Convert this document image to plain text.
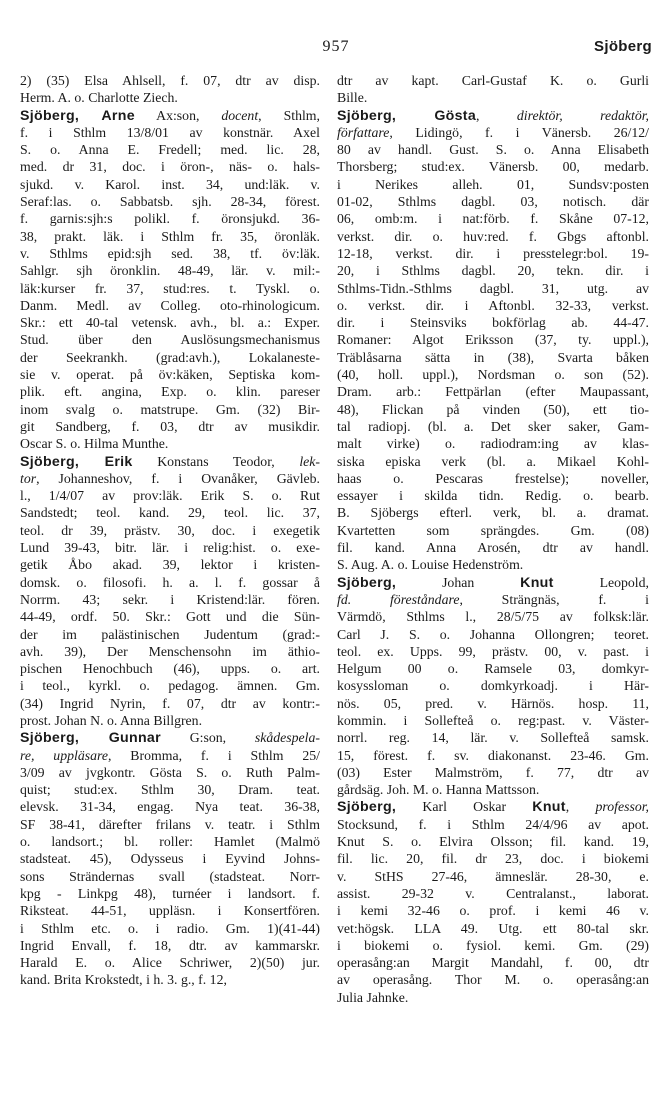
957	Sjöberg
2) (35) Elsa Ahlsell, f. 07, dtr av disp.
Herm. A. o. Charlotte Ziech.
Sjöberg, Arne Ax:son, docent, Sthlm,
f. i Sthlm 13/8/01 av konstnär. Axel
S. o. Anna E. Fredell; med. lic. 28,
med. dr 31, doc. i öron-, näs- o. hals-
sjukd. v. Karol. inst. 34, und:läk. v.
Seraf:las. o. Sabbatsb. sjh. 28-34, förest.
f. garnis:sjh:s polikl. f. öronsjukd. 36-
38, prakt. läk. i Sthlm fr. 35, öronläk.
v. Sthlms epid:sjh sed. 38, tf. öv:läk.
Sahlgr. sjh öronklin. 48-49, lär. v. mil:-
läk:kurser fr. 37, stud:res. t. Tyskl. o.
Danm. Medl. av Colleg. oto-rhinologicum.
Skr.: ett 40-tal vetensk. avh., bl. a.: Exper.
Stud. über den Auslösungsmechanismus
der Seekrankh. (grad:avh.), Lokalaneste-
sie v. operat. på öv:käken, Septiska kom-
plik. eft. angina, Exp. o. klin. pareser
inom svalg o. matstrupe. Gm. (32) Bir-
git Sandberg, f. 03, dtr av musikdir.
Oscar S. o. Hilma Munthe.
Sjöberg, Erik Konstans Teodor, lek-
tor, Johanneshov, f. i Ovanåker, Gävleb.
l., 1/4/07 av prov:läk. Erik S. o. Rut
Sandstedt; teol. kand. 29, teol. lic. 37,
teol. dr 39, prästv. 30, doc. i exegetik
Lund 39-43, bitr. lär. i relig:hist. o. exe-
getik Åbo akad. 39, lektor i kristen-
domsk. o. filosofi. h. a. l. f. gossar å
Norrm. 43; sekr. i Kristend:lär. fören.
44-49, ordf. 50. Skr.: Gott und die Sün-
der im palästinischen Judentum (grad:-
avh. 39), Der Menschensohn im äthio-
pischen Henochbuch (46), upps. o. art.
i teol., kyrkl. o. pedagog. ämnen. Gm.
(34) Ingrid Nyrin, f. 07, dtr av kontr:-
prost. Johan N. o. Anna Billgren.
Sjöberg, Gunnar G:son, skådespela-
re, uppläsare, Bromma, f. i Sthlm 25/
3/09 av jvgkontr. Gösta S. o. Ruth Palm-
quist; stud:ex. Sthlm 30, Dram. teat.
elevsk. 31-34, engag. Nya teat. 36-38,
SF 38-41, därefter frilans v. teatr. i Sthlm
o. landsort.; bl. roller: Hamlet (Malmö
stadsteat. 45), Odysseus i Eyvind Johns-
sons Strändernas svall (stadsteat. Norr-
kpg - Linkpg 48), turnéer i landsort. f.
Riksteat. 44-51, uppläsn. i Konsertfören.
i Sthlm etc. o. i radio. Gm. 1)(41-44)
Ingrid Envall, f. 18, dtr. av kammarskr.
Harald E. o. Alice Schriwer, 2)(50) jur.
kand. Brita Krokstedt, i h. 3. g., f. 12,
dtr av kapt. Carl-Gustaf K. o. Gurli
Bille.
Sjöberg, Gösta, direktör, redaktör,
författare, Lidingö, f. i Vänersb. 26/12/
80 av handl. Gust. S. o. Anna Elisabeth
Thorsberg; stud:ex. Vänersb. 00, medarb.
i Nerikes alleh. 01, Sundsv:posten
01-02, Sthlms dagbl. 03, notisch. där
06, omb:m. i nat:förb. f. Skåne 07-12,
verkst. dir. o. huv:red. f. Gbgs aftonbl.
12-18, verkst. dir. i presstelegr:bol. 19-
20, i Sthlms dagbl. 20, tekn. dir. i
Sthlms-Tidn.-Sthlms dagbl. 31, utg. av
o. verkst. dir. i Aftonbl. 32-33, verkst.
dir. i Steinsviks bokförlag ab. 44-47.
Romaner: Algot Eriksson (37, ty. uppl.),
Träblåsarna sätta in (38), Svarta båken
(40, holl. uppl.), Nordsman o. son (52).
Dram. arb.: Fettpärlan (efter Maupassant,
48), Flickan på vinden (50), ett tio-
tal radiopj. (bl. a. Det sker saker, Gam-
malt virke) o. radiodram:ing av klas-
siska episka verk (bl. a. Mikael Kohl-
haas o. Pescaras frestelse); noveller,
essayer i skilda tidn. Redig. o. bearb.
B. Sjöbergs efterl. verk, bl. a. dramat.
Kvartetten som sprängdes. Gm. (08)
fil. kand. Anna Arosén, dtr av handl.
S. Aug. A. o. Louise Hedenström.
Sjöberg, Johan Knut Leopold,
fd. föreståndare, Strängnäs, f. i
Värmdö, Sthlms l., 28/5/75 av folksk:lär.
Carl J. S. o. Johanna Ollongren; teoret.
teol. ex. Upps. 99, prästv. 00, v. past. i
Helgum 00 o. Ramsele 03, domkyr-
kosyssloman o. domkyrkoadj. i Här-
nös. 05, pred. v. Härnös. hosp. 11,
kommin. i Sollefteå o. reg:past. v. Väster-
norrl. reg. 14, lär. v. Sollefteå samsk.
15, förest. f. sv. diakonanst. 23-46. Gm.
(03) Ester Malmström, f. 77, dtr av
gårdsäg. Joh. M. o. Hanna Mattsson.
Sjöberg, Karl Oskar Knut, professor,
Stocksund, f. i Sthlm 24/4/96 av apot.
Knut S. o. Elvira Olsson; fil. kand. 19,
fil. lic. 20, fil. dr 23, doc. i biokemi
v. StHS 27-46, ämneslär. 28-30, e.
assist. 29-32 v. Centralanst., laborat.
i kemi 32-46 o. prof. i kemi 46 v.
vet:högsk. LLA 49. Utg. ett 80-tal skr.
i biokemi o. fysiol. kemi. Gm. (29)
operasång:an Margit Mandahl, f. 00, dtr
av operasång. Thor M. o. operasång:an
Julia Jahnke.
